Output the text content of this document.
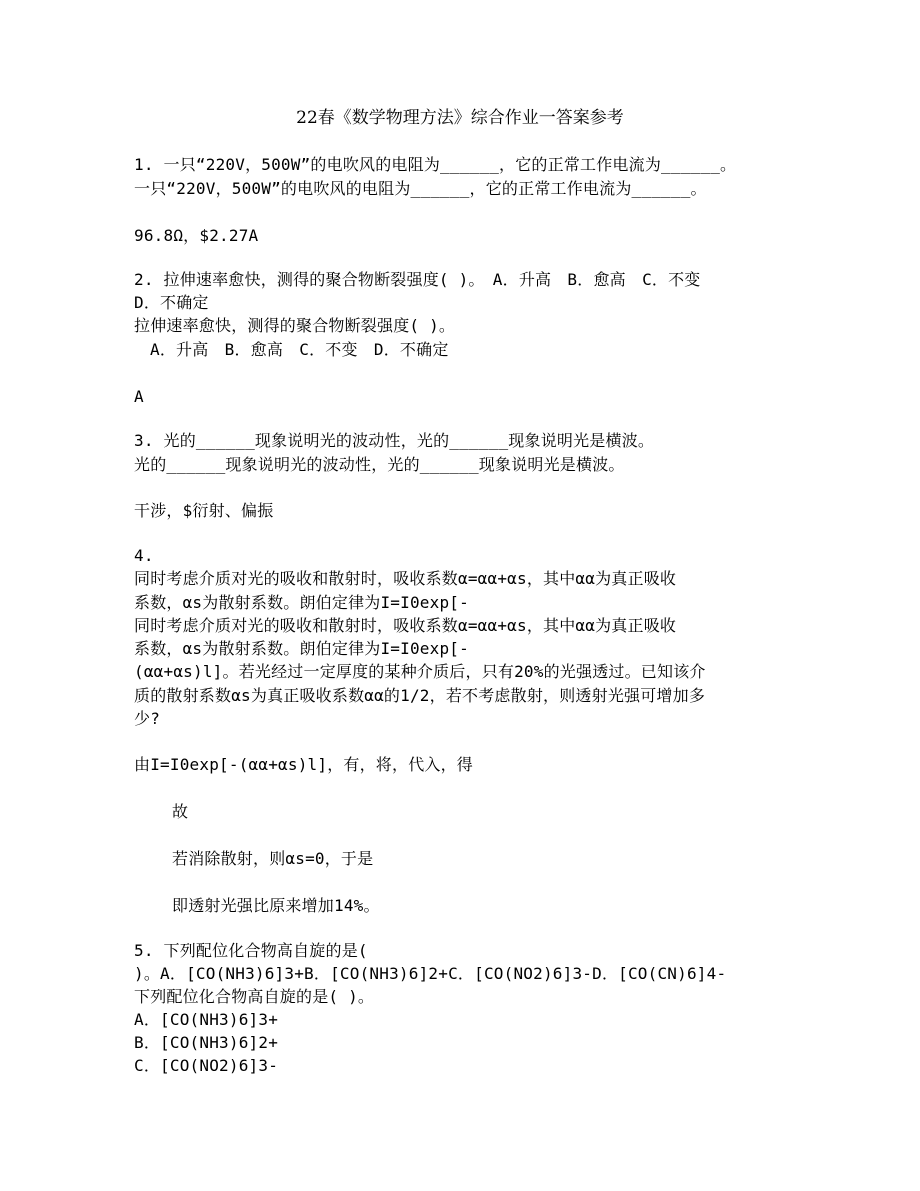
22春《数学物理方法》综合作业一答案参考
1. 一只“220V，500W”的电吹风的电阻为______，它的正常工作电流为______。
一只“220V，500W”的电吹风的电阻为______，它的正常工作电流为______。
96.8Ω，$2.27A
2. 拉伸速率愈快，测得的聚合物断裂强度( )。　A．升高　B．愈高　C．不变
D．不确定
拉伸速率愈快，测得的聚合物断裂强度( )。
A．升高　B．愈高　C．不变　D．不确定
A
3. 光的______现象说明光的波动性，光的______现象说明光是横波。
光的______现象说明光的波动性，光的______现象说明光是横波。
干涉，$衍射、偏振
4.
同时考虑介质对光的吸收和散射时，吸收系数α=αα+αs，其中αα为真正吸收
系数，αs为散射系数。朗伯定律为I=I0exp[-
同时考虑介质对光的吸收和散射时，吸收系数α=αα+αs，其中αα为真正吸收
系数，αs为散射系数。朗伯定律为I=I0exp[-
(αα+αs)l]。若光经过一定厚度的某种介质后，只有20%的光强透过。已知该介
质的散射系数αs为真正吸收系数αα的1/2，若不考虑散射，则透射光强可增加多
少?
由I=I0exp[-(αα+αs)l]，有，将，代入，得
故
若消除散射，则αs=0，于是
即透射光强比原来增加14%。
5. 下列配位化合物高自旋的是(
)。A．[CO(NH3)6]3+B．[CO(NH3)6]2+C．[CO(NO2)6]3-D．[CO(CN)6]4-
下列配位化合物高自旋的是( )。
A．[CO(NH3)6]3+
B．[CO(NH3)6]2+
C．[CO(NO2)6]3-
